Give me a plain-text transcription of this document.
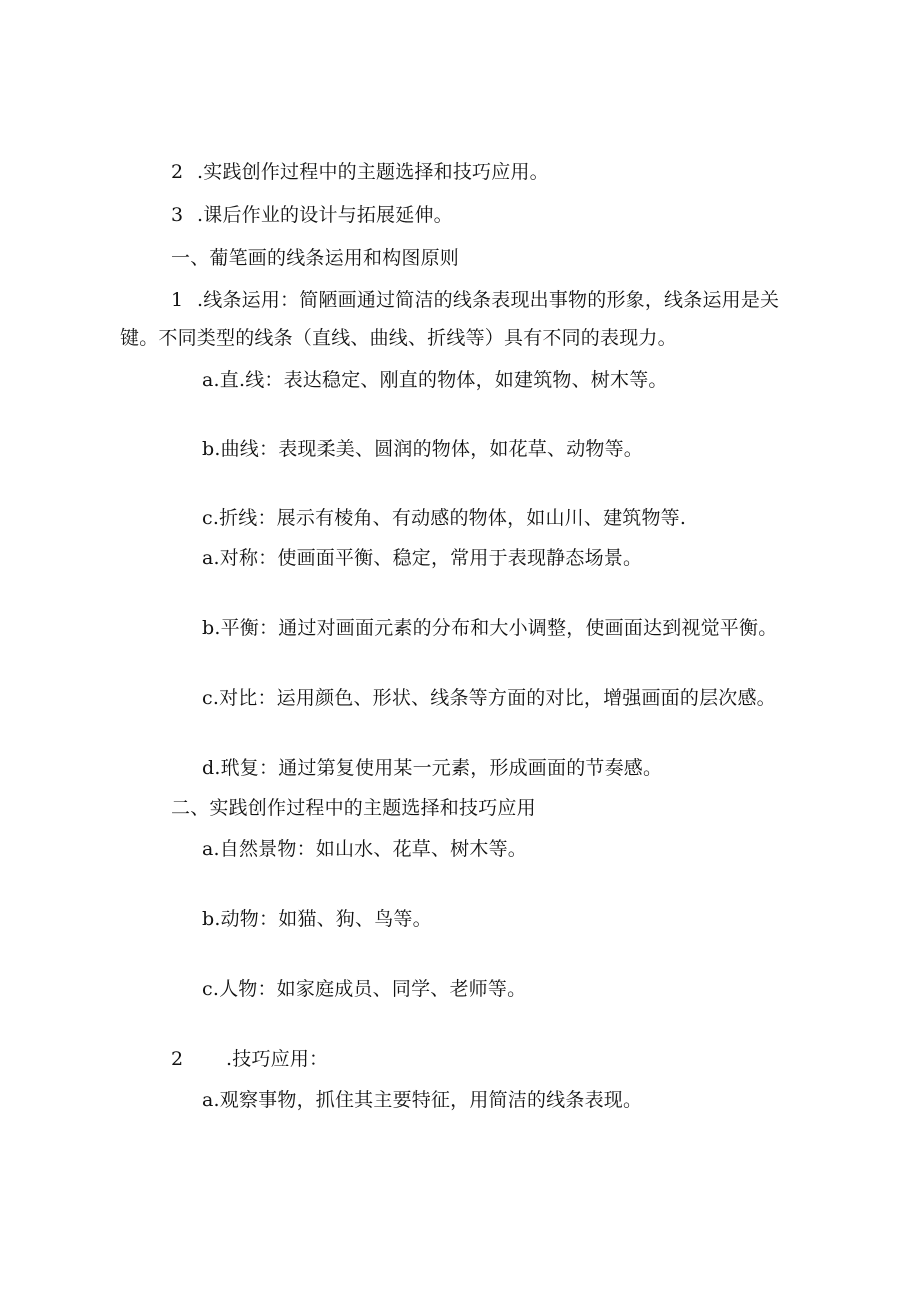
2 .实践创作过程中的主题选择和技巧应用。
3 .课后作业的设计与拓展延伸。
一、葡笔画的线条运用和构图原则
1 .线条运用：简陋画通过简洁的线条表现出事物的形象，线条运用是关
键。不同类型的线条（直线、曲线、折线等）具有不同的表现力。
a.直.线：表达稳定、刚直的物体，如建筑物、树木等。
b.曲线：表现柔美、圆润的物体，如花草、动物等。
c.折线：展示有棱角、有动感的物体，如山川、建筑物等.
a.对称：使画面平衡、稳定，常用于表现静态场景。
b.平衡：通过对画面元素的分布和大小调整，使画面达到视觉平衡。
c.对比：运用颜色、形状、线条等方面的对比，增强画面的层次感。
d.玳复：通过第复使用某一元素，形成画面的节奏感。
二、实践创作过程中的主题选择和技巧应用
a.自然景物：如山水、花草、树木等。
b.动物：如猫、狗、鸟等。
c.人物：如家庭成员、同学、老师等。
2 .技巧应用：
a.观察事物，抓住其主要特征，用简洁的线条表现。
